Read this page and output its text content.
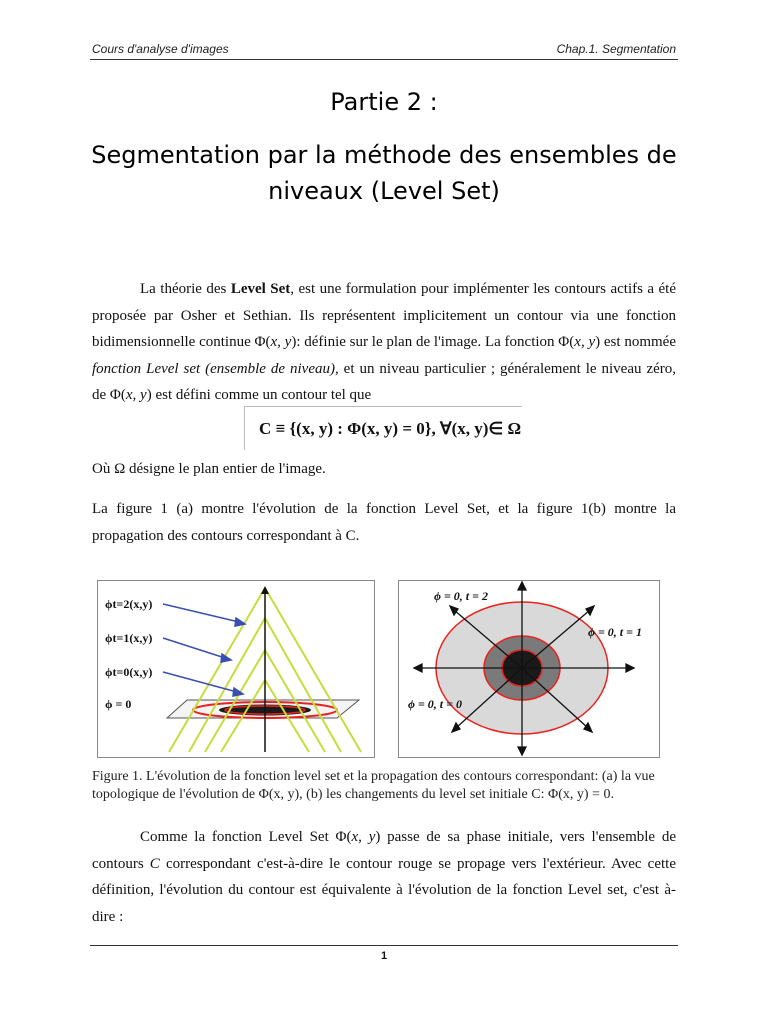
Cours d'analyse d'images	Chap.1. Segmentation
Partie 2 :
Segmentation par la méthode des ensembles de niveaux (Level Set)
La théorie des Level Set, est une formulation pour implémenter les contours actifs a été proposée par Osher et Sethian. Ils représentent implicitement un contour via une fonction bidimensionnelle continue Φ(x, y): définie sur le plan de l'image. La fonction Φ(x, y) est nommée fonction Level set (ensemble de niveau), et un niveau particulier ; généralement le niveau zéro, de Φ(x, y) est défini comme un contour tel que
C ≡ {(x, y) : Φ(x, y) = 0}, ∀(x, y)∈ Ω
Où Ω désigne le plan entier de l'image.
La figure 1 (a) montre l'évolution de la fonction Level Set, et la figure 1(b) montre la propagation des contours correspondant à C.
ϕt=2(x,y)
ϕt=1(x,y)
ϕt=0(x,y)
ϕ = 0
ϕ = 0, t = 2
ϕ = 0, t = 1
ϕ = 0, t = 0
Figure 1. L'évolution de la fonction level set et la propagation des contours correspondant: (a) la vue topologique de l'évolution de Φ(x, y), (b) les changements du level set initiale C: Φ(x, y) = 0.
Comme la fonction Level Set Φ(x, y) passe de sa phase initiale, vers l'ensemble de contours C correspondant c'est-à-dire le contour rouge se propage vers l'extérieur. Avec cette définition, l'évolution du contour est équivalente à l'évolution de la fonction Level set, c'est à-dire :
1
